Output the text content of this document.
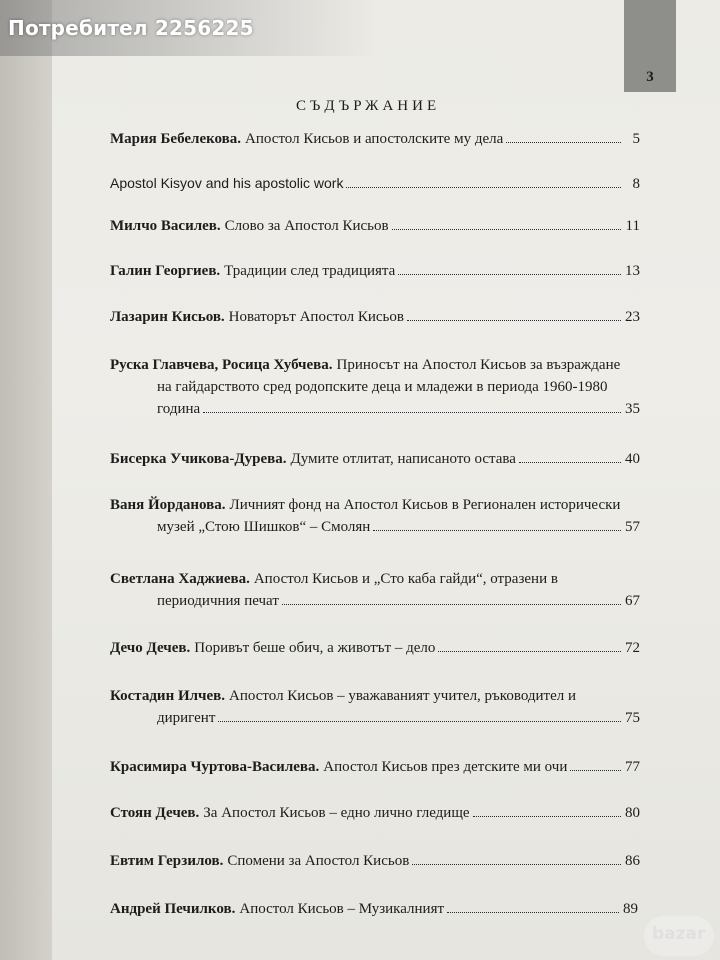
3
Потребител 2256225
СЪДЪРЖАНИЕ
Мария Бебелекова. Апостол Кисьов и апостолските му дела	5
Apostol Kisyov and his apostolic work	8
Милчо Василев. Слово за Апостол Кисьов	11
Галин Георгиев. Традиции след традицията	13
Лазарин Кисьов. Новаторът Апостол Кисьов	23
Руска Главчева, Росица Хубчева. Приносът на Апостол Кисьов за възраждане
на гайдарството сред родопските деца и младежи в периода 1960-1980
година	35
Бисерка Учикова-Дурева. Думите отлитат, написаното остава	40
Ваня Йорданова. Личният фонд на Апостол Кисьов в Регионален исторически
музей „Стою Шишков“ – Смолян	57
Светлана Хаджиева. Апостол Кисьов и „Сто каба гайди“, отразени в
периодичния печат	67
Дечо Дечев. Поривът беше обич, а животът – дело	72
Костадин Илчев. Апостол Кисьов – уважаваният учител, ръководител и
диригент	75
Красимира Чуртова-Василева. Апостол Кисьов през детските ми очи	77
Стоян Дечев. За Апостол Кисьов – едно лично гледище	80
Евтим Герзилов. Спомени за Апостол Кисьов	86
Андрей Печилков. Апостол Кисьов – Музикалният	89
bazar
